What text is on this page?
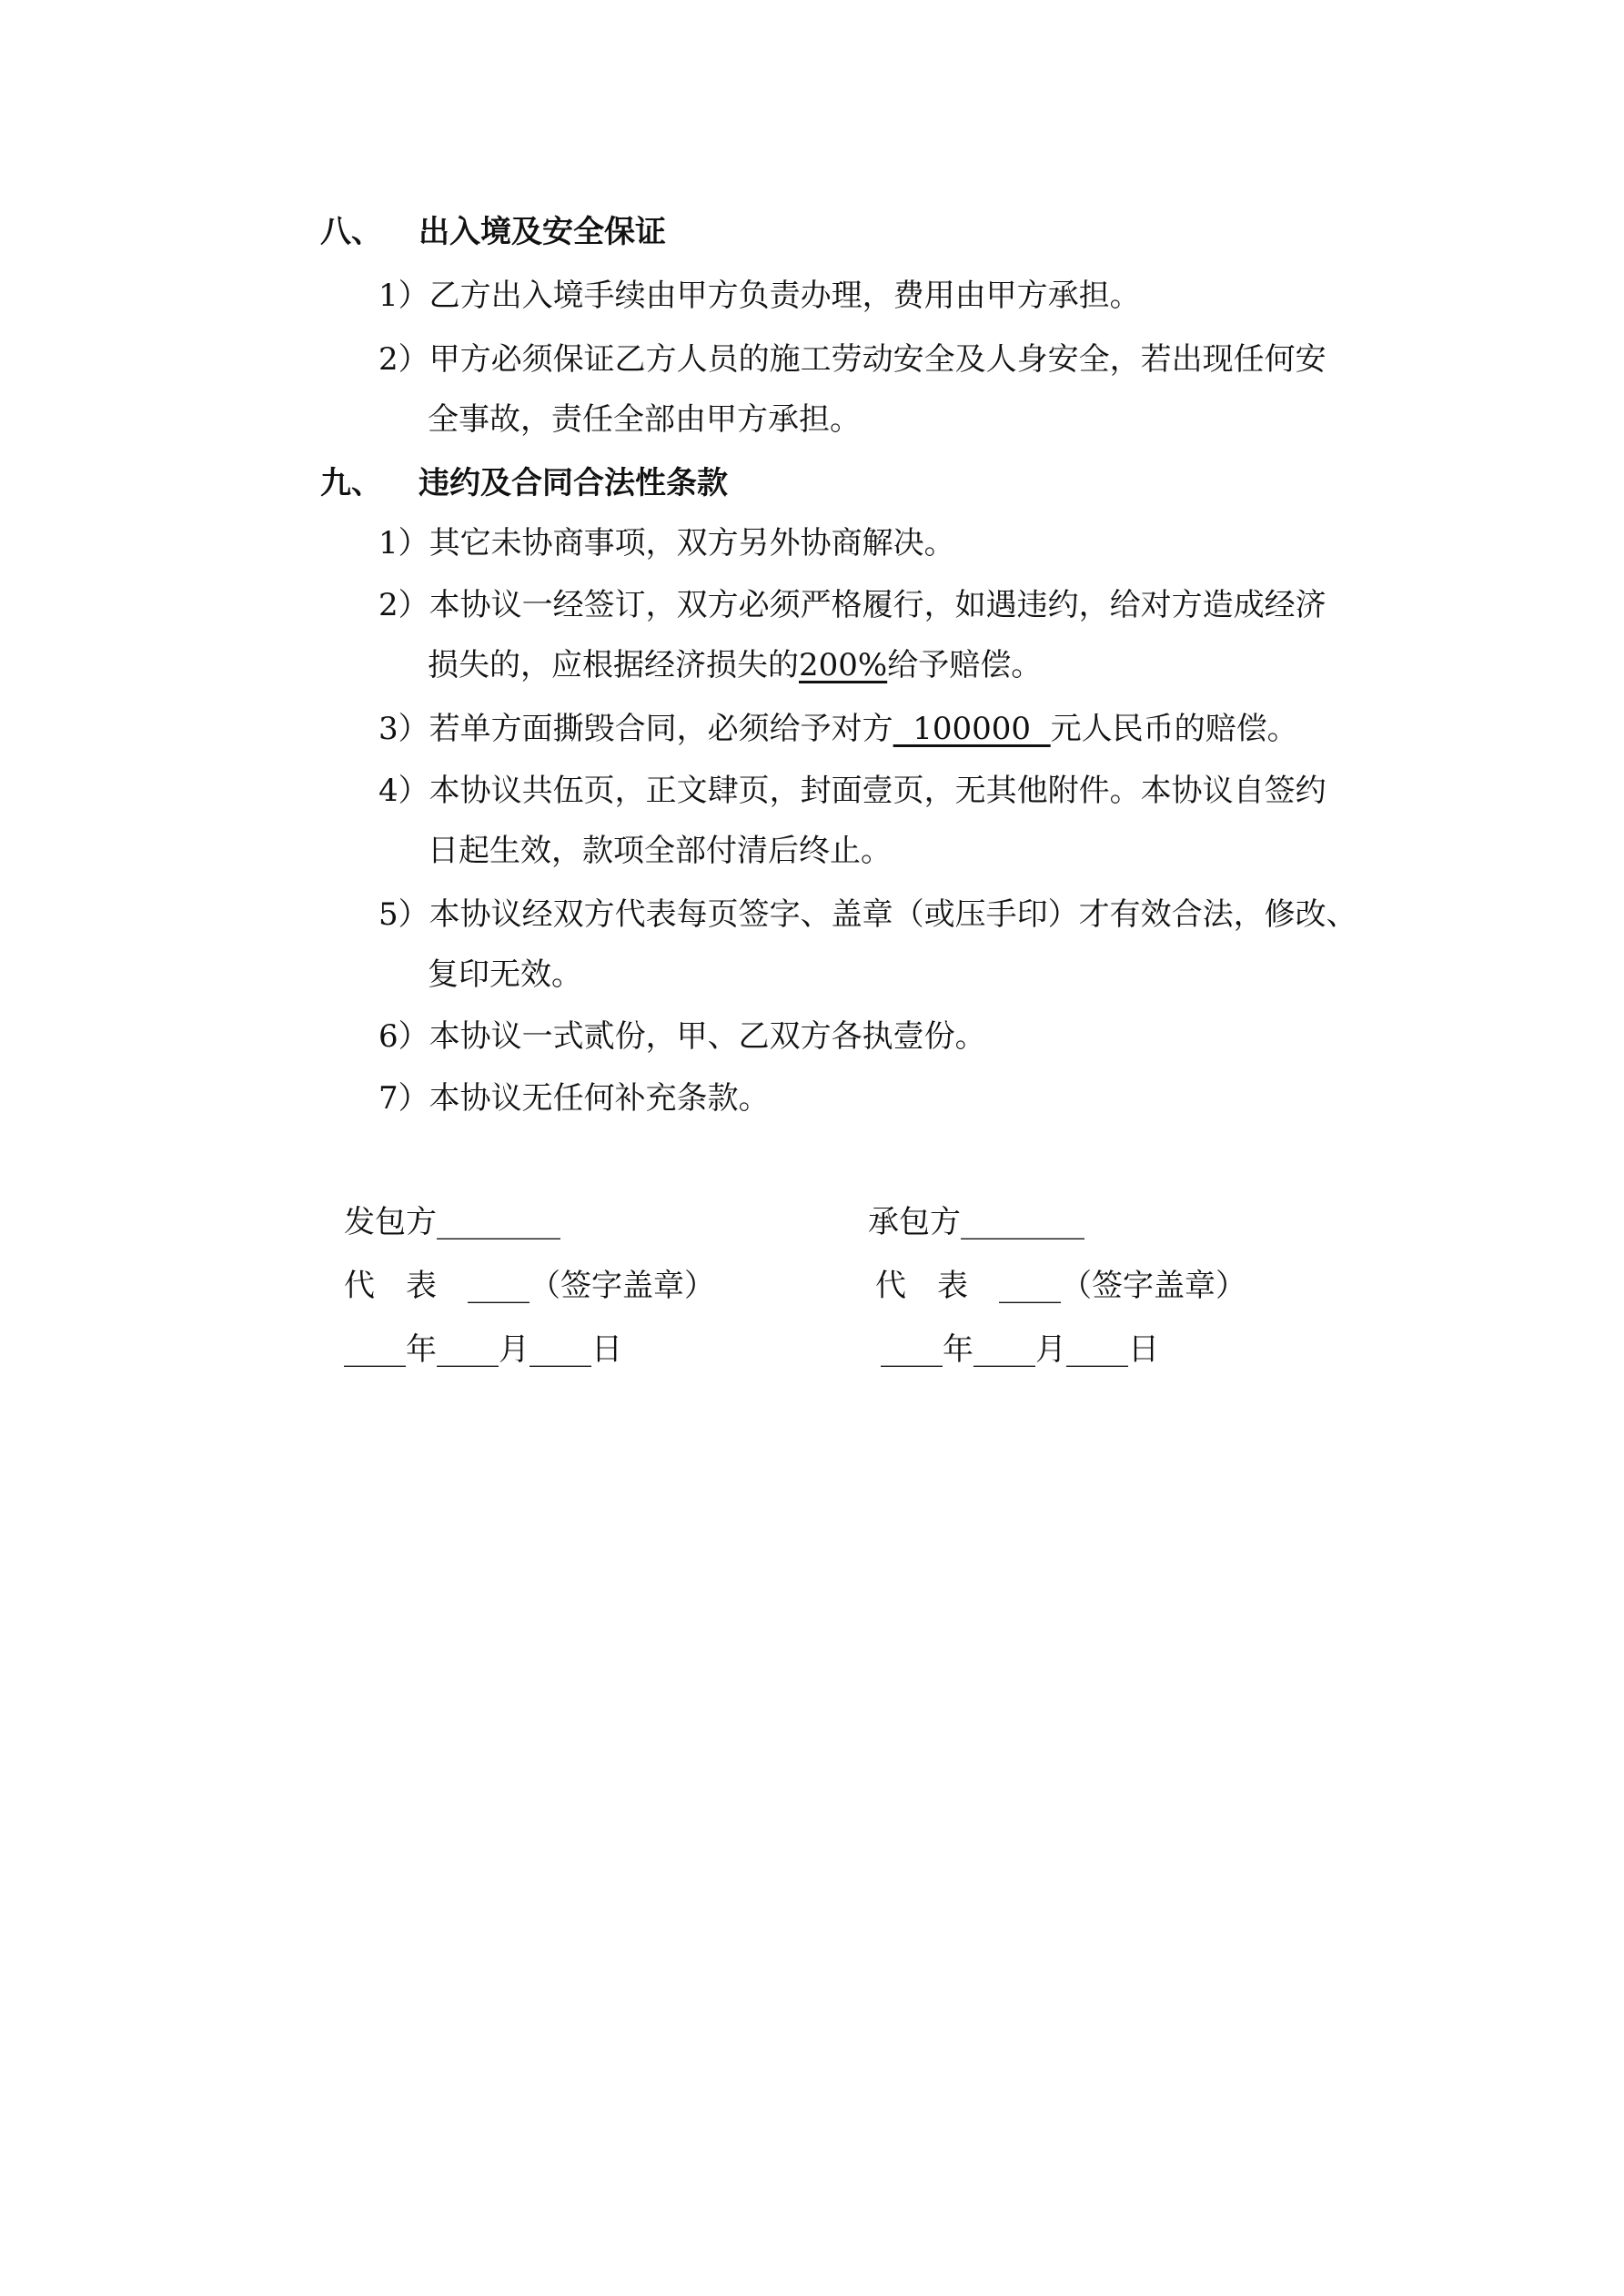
八、 出入境及安全保证
1）乙方出入境手续由甲方负责办理，费用由甲方承担。
2）甲方必须保证乙方人员的施工劳动安全及人身安全，若出现任何安
全事故，责任全部由甲方承担。
九、 违约及合同合法性条款
1）其它未协商事项，双方另外协商解决。
2）本协议一经签订，双方必须严格履行，如遇违约，给对方造成经济
损失的，应根据经济损失的200%给予赔偿。
3）若单方面撕毁合同，必须给予对方  100000  元人民币的赔偿。
4）本协议共伍页，正文肆页，封面壹页，无其他附件。本协议自签约
日起生效，款项全部付清后终止。
5）本协议经双方代表每页签字、盖章（或压手印）才有效合法，修改、
复印无效。
6）本协议一式贰份，甲、乙双方各执壹份。
7）本协议无任何补充条款。
发包方________	承包方________
代　表　____（签字盖章）	代　表　____（签字盖章）
____年____月____日	____年____月____日
